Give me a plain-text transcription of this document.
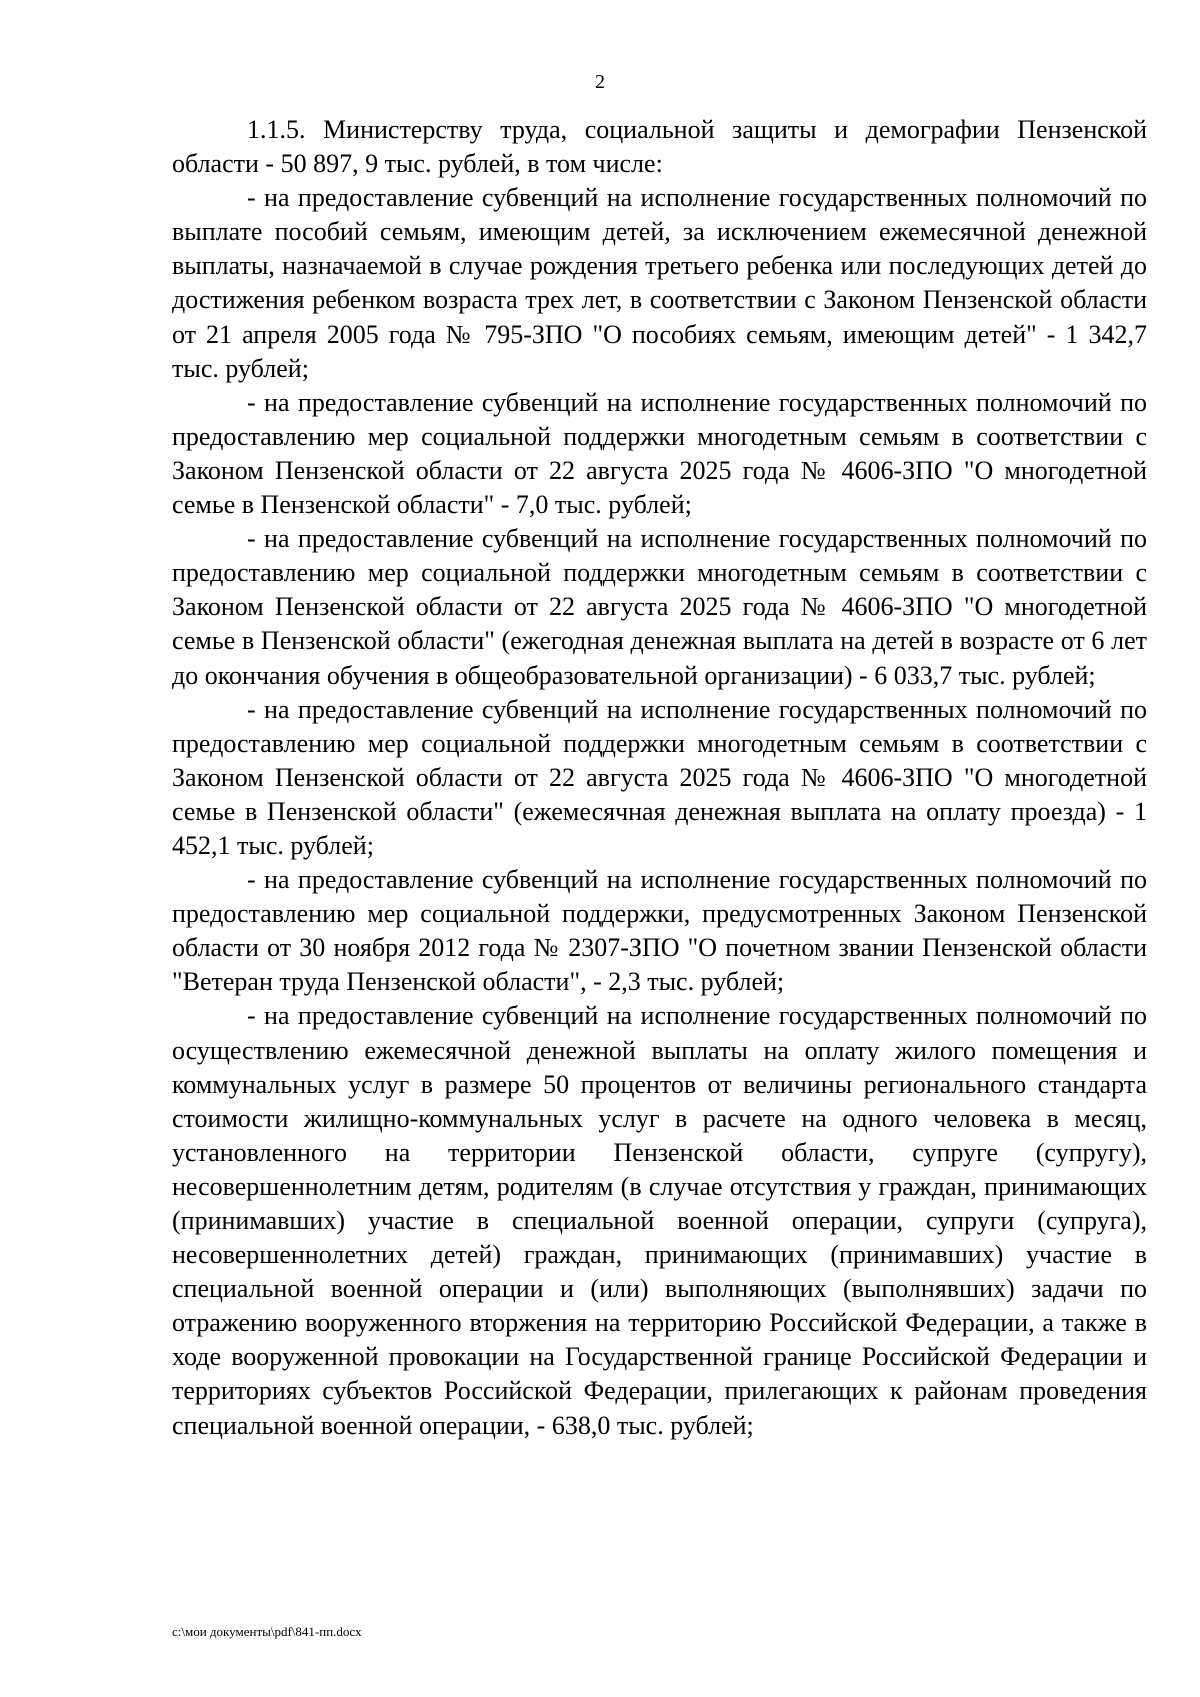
2

1.1.5. Министерству труда, социальной защиты и демографии Пензенской области - 50 897, 9 тыс. рублей, в том числе:

- на предоставление субвенций на исполнение государственных полномочий по выплате пособий семьям, имеющим детей, за исключением ежемесячной денежной выплаты, назначаемой в случае рождения третьего ребенка или последующих детей до достижения ребенком возраста трех лет, в соответствии с Законом Пензенской области от 21 апреля 2005 года № 795-ЗПО "О пособиях семьям, имеющим детей" - 1 342,7 тыс. рублей;

- на предоставление субвенций на исполнение государственных полномочий по предоставлению мер социальной поддержки многодетным семьям в соответствии с Законом Пензенской области от 22 августа 2025 года № 4606-ЗПО "О многодетной семье в Пензенской области" - 7,0 тыс. рублей;

- на предоставление субвенций на исполнение государственных полномочий по предоставлению мер социальной поддержки многодетным семьям в соответствии с Законом Пензенской области от 22 августа 2025 года № 4606-ЗПО "О многодетной семье в Пензенской области" (ежегодная денежная выплата на детей в возрасте от 6 лет до окончания обучения в общеобразовательной организации) - 6 033,7 тыс. рублей;

- на предоставление субвенций на исполнение государственных полномочий по предоставлению мер социальной поддержки многодетным семьям в соответствии с Законом Пензенской области от 22 августа 2025 года № 4606-ЗПО "О многодетной семье в Пензенской области" (ежемесячная денежная выплата на оплату проезда) - 1 452,1 тыс. рублей;

- на предоставление субвенций на исполнение государственных полномочий по предоставлению мер социальной поддержки, предусмотренных Законом Пензенской области от 30 ноября 2012 года № 2307-ЗПО "О почетном звании Пензенской области "Ветеран труда Пензенской области", - 2,3 тыс. рублей;

- на предоставление субвенций на исполнение государственных полномочий по осуществлению ежемесячной денежной выплаты на оплату жилого помещения и коммунальных услуг в размере 50 процентов от величины регионального стандарта стоимости жилищно-коммунальных услуг в расчете на одного человека в месяц, установленного на территории Пензенской области, супруге (супругу), несовершеннолетним детям, родителям (в случае отсутствия у граждан, принимающих (принимавших) участие в специальной военной операции, супруги (супруга), несовершеннолетних детей) граждан, принимающих (принимавших) участие в специальной военной операции и (или) выполняющих (выполнявших) задачи по отражению вооруженного вторжения на территорию Российской Федерации, а также в ходе вооруженной провокации на Государственной границе Российской Федерации и территориях субъектов Российской Федерации, прилегающих к районам проведения специальной военной операции, - 638,0 тыс. рублей;

c:\мои документы\pdf\841-пп.docx
